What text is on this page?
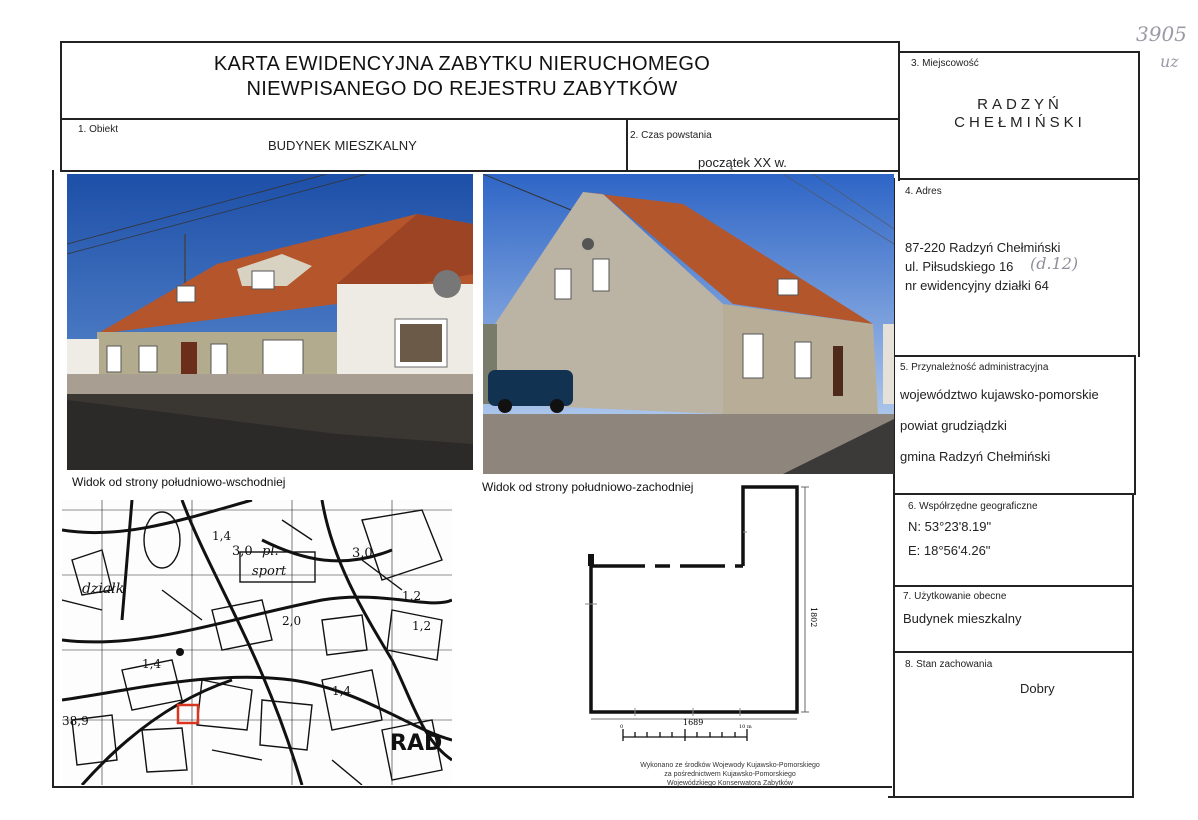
3905
uz
KARTA EWIDENCYJNA ZABYTKU NIERUCHOMEGO
NIEWPISANEGO DO REJESTRU ZABYTKÓW
1. Obiekt
BUDYNEK MIESZKALNY
2. Czas powstania
początek XX w.
3. Miejscowość
RADZYŃ
CHEŁMIŃSKI
4. Adres
87-220 Radzyń Chełmiński
ul. Piłsudskiego 16 (d.12)
nr ewidencyjny działki 64
5. Przynależność administracyjna
województwo kujawsko-pomorskie
powiat grudziądzki
gmina Radzyń Chełmiński
6. Współrzędne geograficzne
N: 53°23'8.19"
E: 18°56'4.26"
7. Użytkowanie obecne
Budynek mieszkalny
8. Stan zachowania
Dobry
Widok od strony południowo-wschodniej	Widok od strony południowo-zachodniej
3,0 pl.
sport
3,0
działk
1,4
1,2
2,0
1,4
1,2
RAD
38,9
1,4
1802
1689
0	10 m
Wykonano ze środków Wojewody Kujawsko-Pomorskiego
za pośrednictwem Kujawsko-Pomorskiego
Wojewódzkiego Konserwatora Zabytków
